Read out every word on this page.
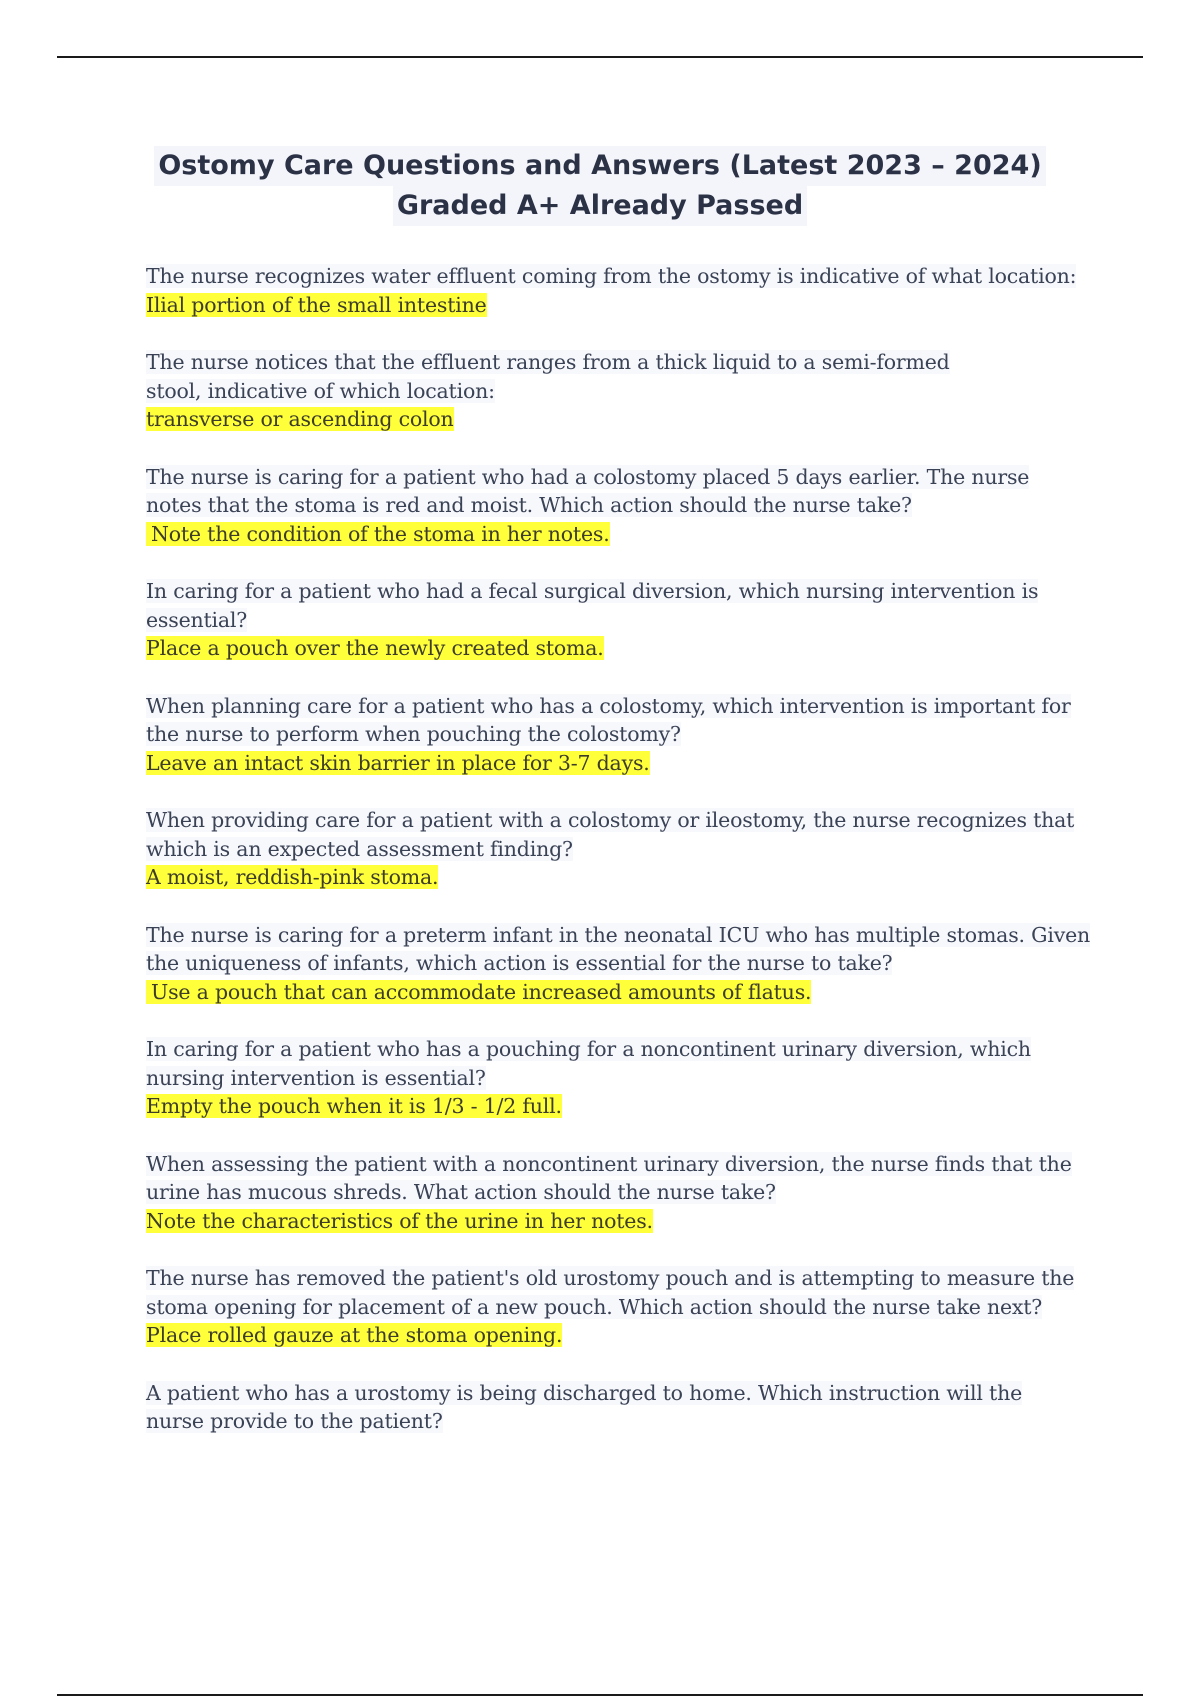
Ostomy Care Questions and Answers (Latest 2023 – 2024)
Graded A+ Already Passed
The nurse recognizes water effluent coming from the ostomy is indicative of what location:
Ilial portion of the small intestine
The nurse notices that the effluent ranges from a thick liquid to a semi-formed stool, indicative of which location:
transverse or ascending colon
The nurse is caring for a patient who had a colostomy placed 5 days earlier. The nurse notes that the stoma is red and moist. Which action should the nurse take?
Note the condition of the stoma in her notes.
In caring for a patient who had a fecal surgical diversion, which nursing intervention is essential?
Place a pouch over the newly created stoma.
When planning care for a patient who has a colostomy, which intervention is important for the nurse to perform when pouching the colostomy?
Leave an intact skin barrier in place for 3-7 days.
When providing care for a patient with a colostomy or ileostomy, the nurse recognizes that which is an expected assessment finding?
A moist, reddish-pink stoma.
The nurse is caring for a preterm infant in the neonatal ICU who has multiple stomas. Given the uniqueness of infants, which action is essential for the nurse to take?
Use a pouch that can accommodate increased amounts of flatus.
In caring for a patient who has a pouching for a noncontinent urinary diversion, which nursing intervention is essential?
Empty the pouch when it is 1/3 - 1/2 full.
When assessing the patient with a noncontinent urinary diversion, the nurse finds that the urine has mucous shreds. What action should the nurse take?
Note the characteristics of the urine in her notes.
The nurse has removed the patient's old urostomy pouch and is attempting to measure the stoma opening for placement of a new pouch. Which action should the nurse take next?
Place rolled gauze at the stoma opening.
A patient who has a urostomy is being discharged to home. Which instruction will the nurse provide to the patient?
